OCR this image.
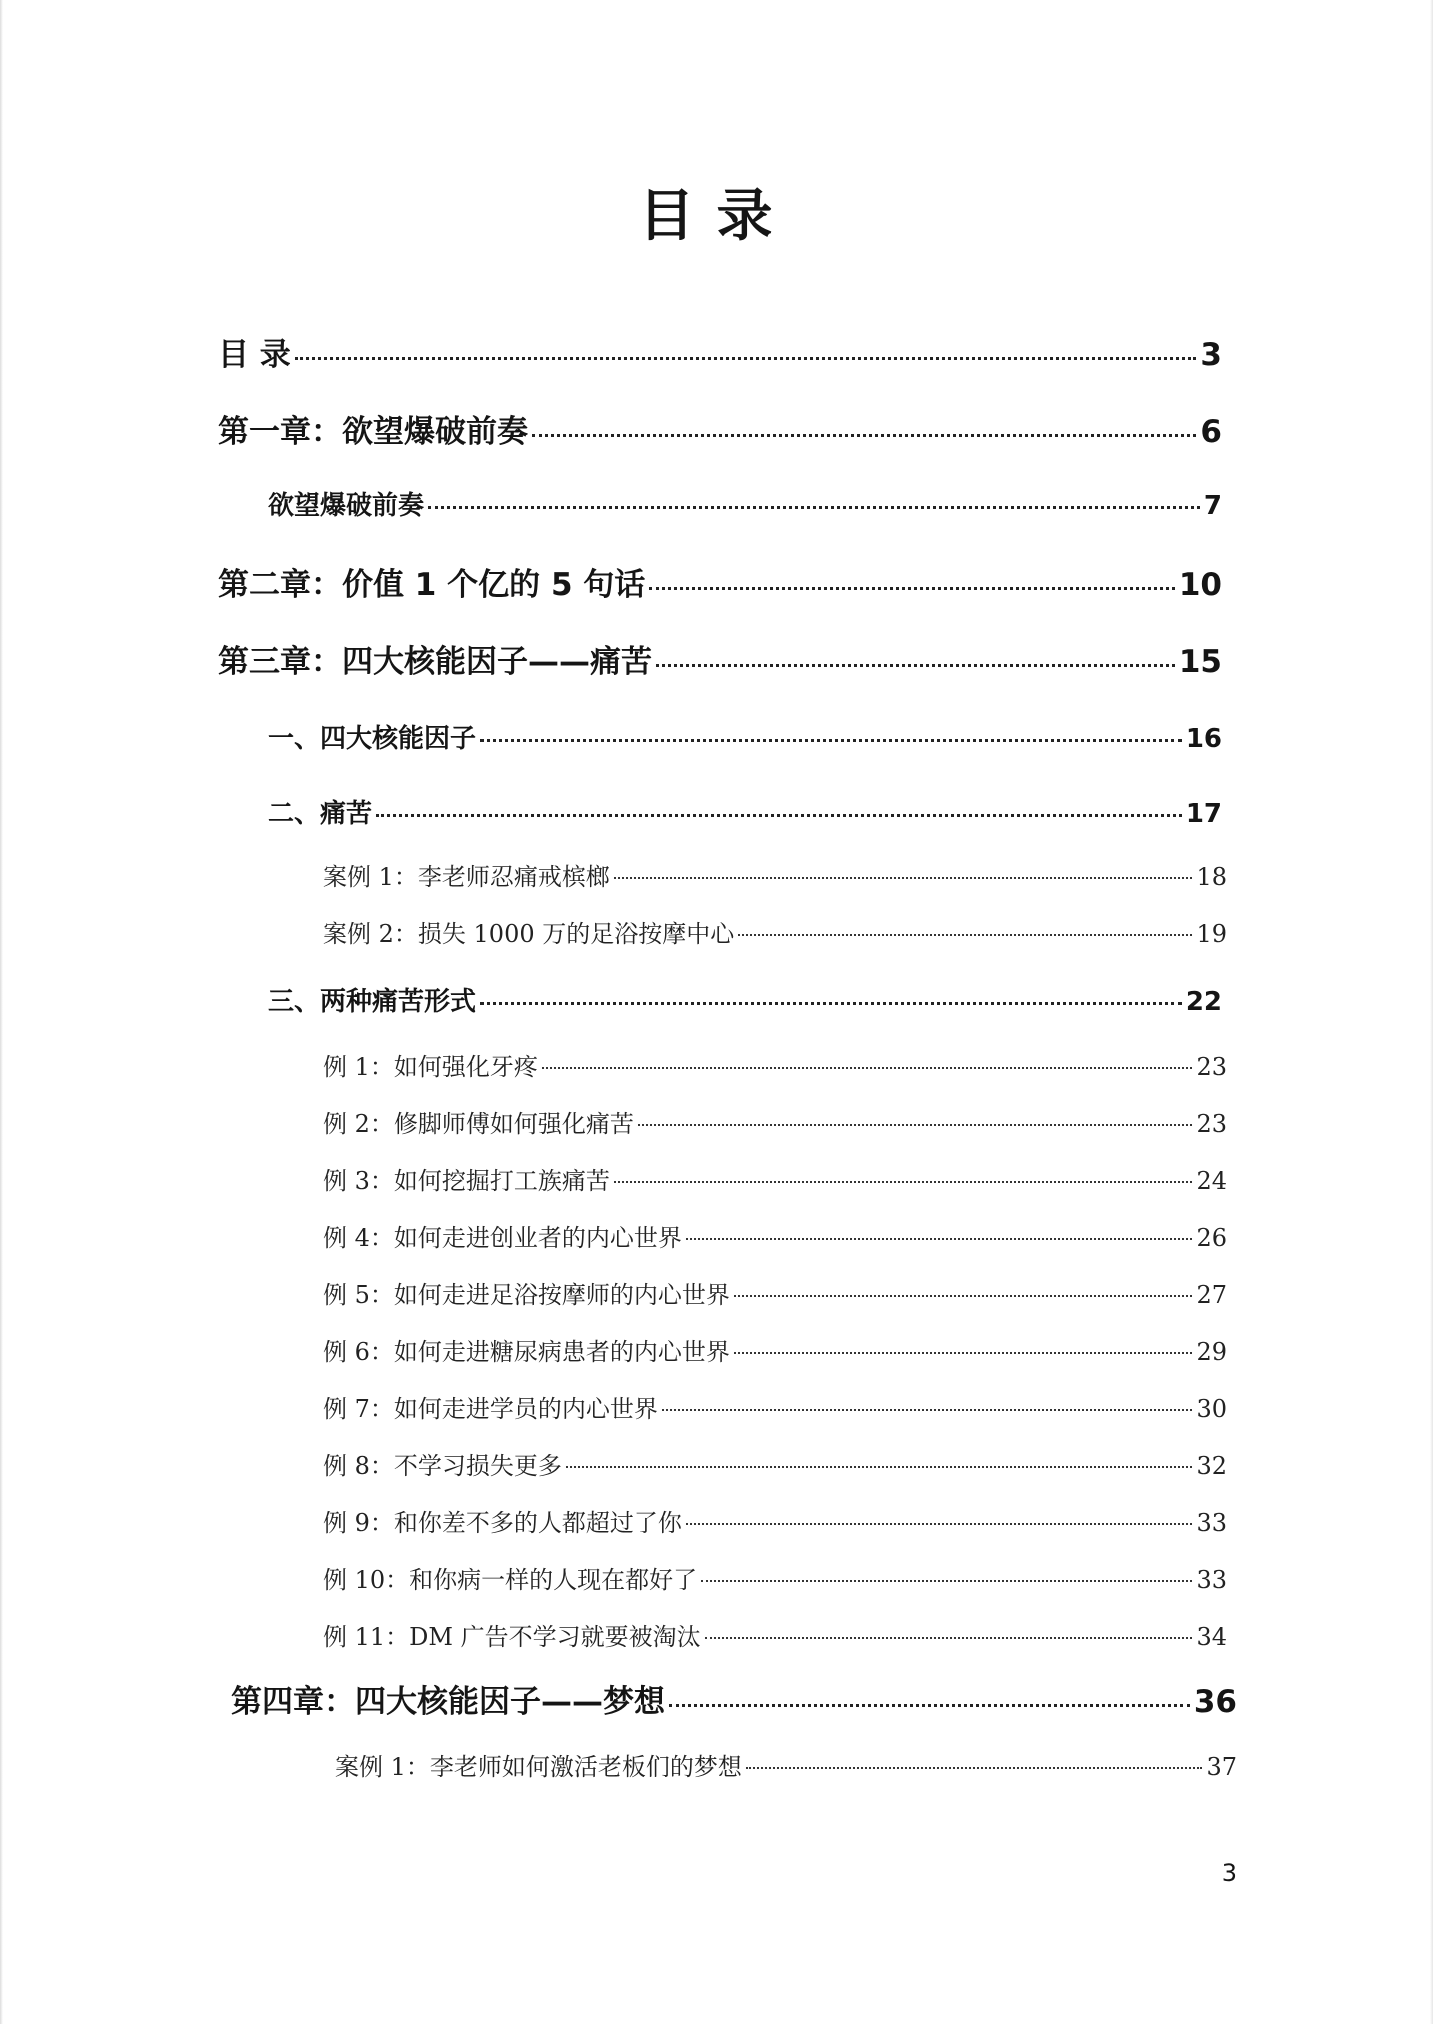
目录
目 录	3
第一章：欲望爆破前奏	6
欲望爆破前奏	7
第二章：价值 1 个亿的 5 句话	10
第三章：四大核能因子——痛苦	15
一、四大核能因子	16
二、痛苦	17
案例 1：李老师忍痛戒槟榔	18
案例 2：损失 1000 万的足浴按摩中心	19
三、两种痛苦形式	22
例 1：如何强化牙疼	23
例 2：修脚师傅如何强化痛苦	23
例 3：如何挖掘打工族痛苦	24
例 4：如何走进创业者的内心世界	26
例 5：如何走进足浴按摩师的内心世界	27
例 6：如何走进糖尿病患者的内心世界	29
例 7：如何走进学员的内心世界	30
例 8：不学习损失更多	32
例 9：和你差不多的人都超过了你	33
例 10：和你病一样的人现在都好了	33
例 11：DM 广告不学习就要被淘汰	34
第四章：四大核能因子——梦想	36
案例 1：李老师如何激活老板们的梦想	37
3
